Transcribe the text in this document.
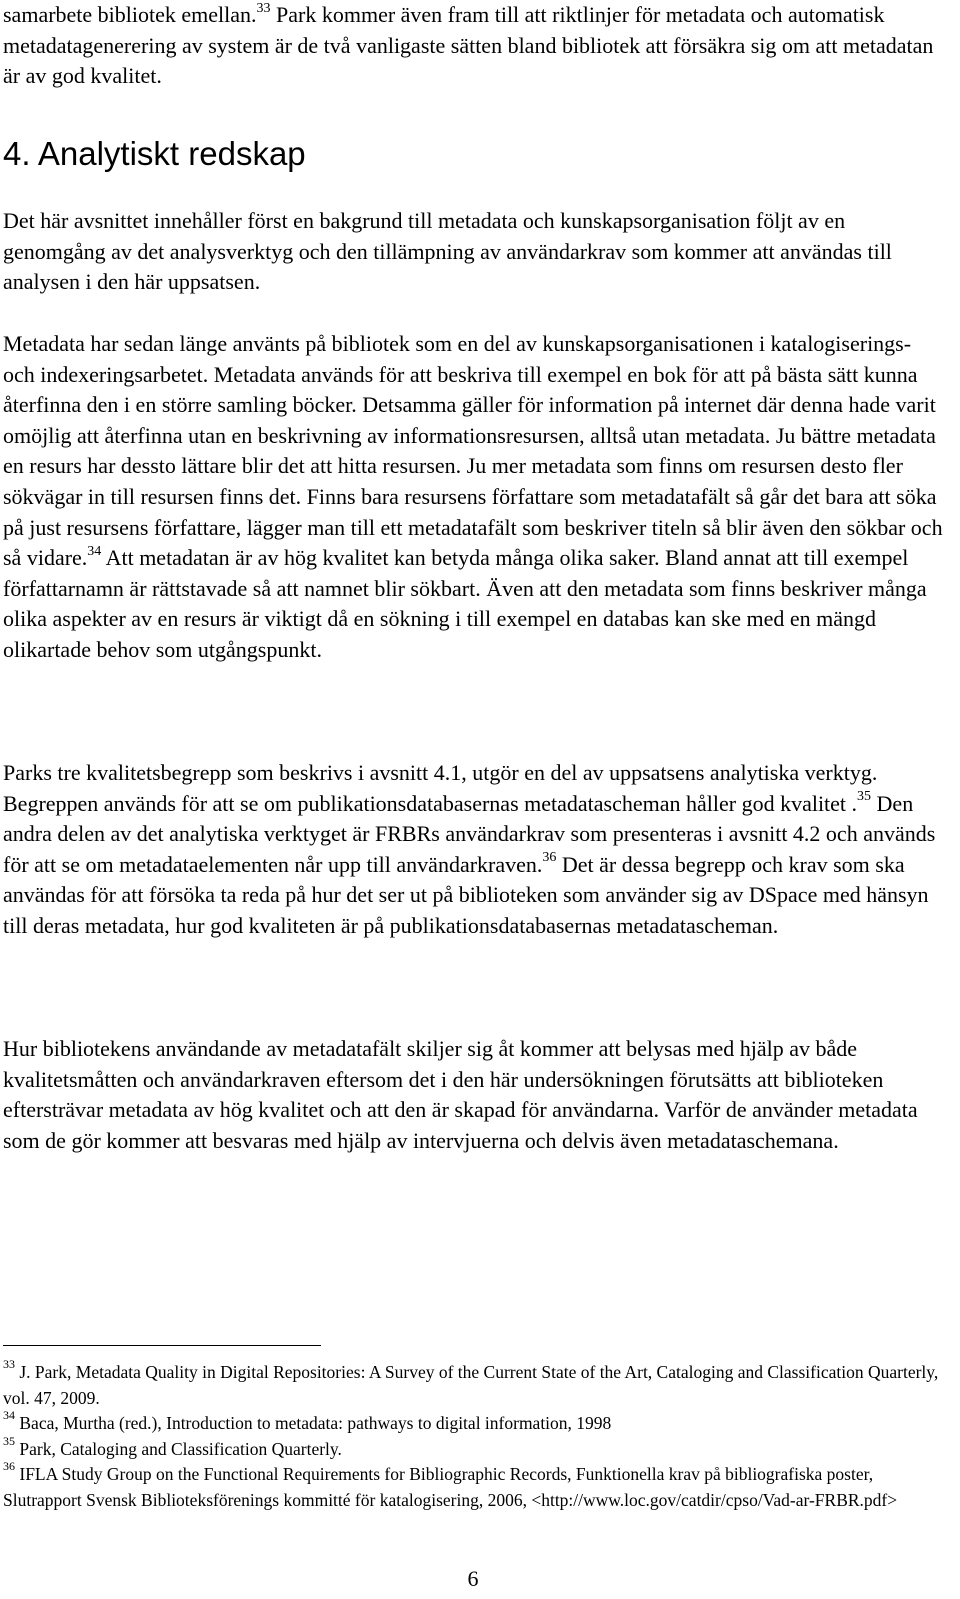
samarbete bibliotek emellan.$^{33}$ Park kommer även fram till att riktlinjer för metadata och automatisk metadatagenerering av system är de två vanligaste sätten bland bibliotek att försäkra sig om att metadatan är av god kvalitet.

4. Analytiskt redskap

Det här avsnittet innehåller först en bakgrund till metadata och kunskapsorganisation följt av en genomgång av det analysverktyg och den tillämpning av användarkrav som kommer att användas till analysen i den här uppsatsen.

Metadata har sedan länge använts på bibliotek som en del av kunskapsorganisationen i katalogiserings- och indexeringsarbetet. Metadata används för att beskriva till exempel en bok för att på bästa sätt kunna återfinna den i en större samling böcker. Detsamma gäller för information på internet där denna hade varit omöjlig att återfinna utan en beskrivning av informationsresursen, alltså utan metadata. Ju bättre metadata en resurs har dessto lättare blir det att hitta resursen. Ju mer metadata som finns om resursen desto fler sökvägar in till resursen finns det. Finns bara resursens författare som metadatafält så går det bara att söka på just resursens författare, lägger man till ett metadatafält som beskriver titeln så blir även den sökbar och så vidare.$^{34}$ Att metadatan är av hög kvalitet kan betyda många olika saker. Bland annat att till exempel författarnamn är rättstavade så att namnet blir sökbart. Även att den metadata som finns beskriver många olika aspekter av en resurs är viktigt då en sökning i till exempel en databas kan ske med en mängd olikartade behov som utgångspunkt.

Parks tre kvalitetsbegrepp som beskrivs i avsnitt 4.1, utgör en del av uppsatsens analytiska verktyg. Begreppen används för att se om publikationsdatabasernas metadatascheman håller god kvalitet .$^{35}$ Den andra delen av det analytiska verktyget är FRBRs användarkrav som presenteras i avsnitt 4.2 och används för att se om metadataelementen når upp till användarkraven.$^{36}$ Det är dessa begrepp och krav som ska användas för att försöka ta reda på hur det ser ut på biblioteken som använder sig av DSpace med hänsyn till deras metadata, hur god kvaliteten är på publikationsdatabasernas metadatascheman.

Hur bibliotekens användande av metadatafält skiljer sig åt kommer att belysas med hjälp av både kvalitetsmåtten och användarkraven eftersom det i den här undersökningen förutsätts att biblioteken eftersträvar metadata av hög kvalitet och att den är skapad för användarna. Varför de använder metadata som de gör kommer att besvaras med hjälp av intervjuerna och delvis även metadataschemana.

$^{33}$ J. Park, Metadata Quality in Digital Repositories: A Survey of the Current State of the Art, Cataloging and Classification Quarterly, vol. 47, 2009.

$^{34}$ Baca, Murtha (red.), Introduction to metadata: pathways to digital information, 1998

$^{35}$ Park, Cataloging and Classification Quarterly.

$^{36}$ IFLA Study Group on the Functional Requirements for Bibliographic Records, Funktionella krav på bibliografiska poster, Slutrapport Svensk Biblioteksförenings kommitté för katalogisering, 2006, <http://www.loc.gov/catdir/cpso/Vad-ar-FRBR.pdf>

6
